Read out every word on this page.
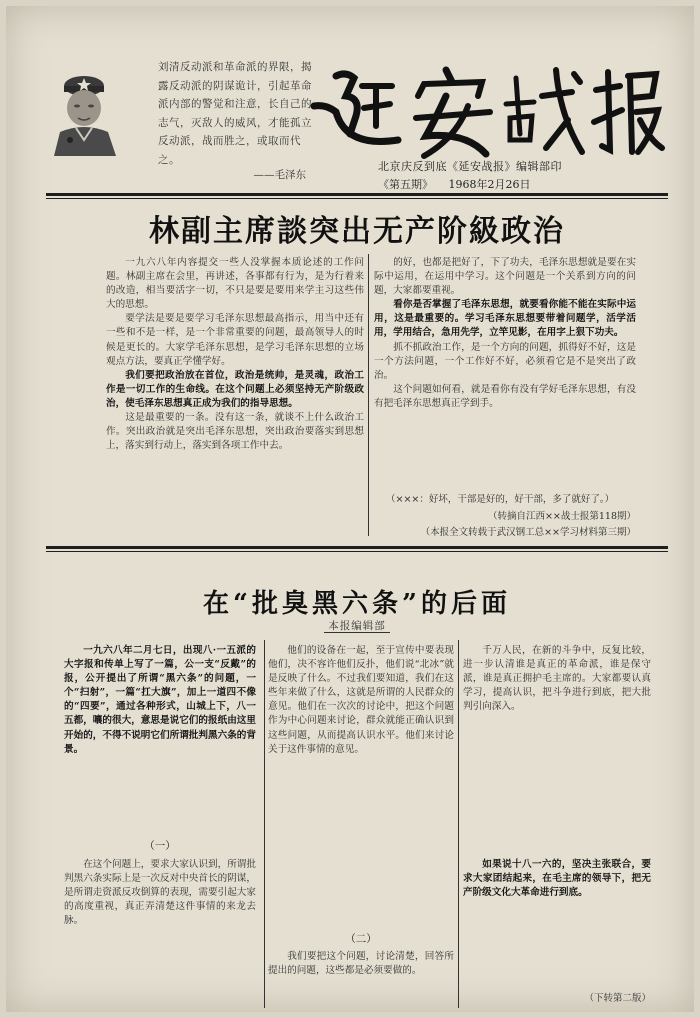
刘清反动派和革命派的界限，揭露反动派的阴谋诡计，引起革命派内部的警觉和注意，长自己的志气，灭敌人的威风，才能孤立反动派，战而胜之，或取而代之。
——毛泽东
北京庆反到底《延安战报》编辑部印
《第五期》 1968年2月26日
林副主席談突出无产阶級政治

一九六八年内容提交一些人没掌握本质论述的工作问题。林副主席在会里，再讲述，各事都有行为，是为行着来的改造，相当要活字一切，不只是要是要用来学主习这些伟大的思想。

要学法是要是要学习毛泽东思想最高指示，用当中还有一些和不是一样，是一个非常重要的问题，最高领导人的时候是更长的。大家学毛泽东思想，是学习毛泽东思想的立场观点方法，要真正学懂学好。

我们要把政治放在首位，政治是统帅，是灵魂，政治工作是一切工作的生命线。在这个问题上必须坚持无产阶级政治，使毛泽东思想真正成为我们的指导思想。

这是最重要的一条。没有这一条，就谈不上什么政治工作。突出政治就是突出毛泽东思想，突出政治要落实到思想上，落实到行动上，落实到各项工作中去。

的好，也都是把好了，下了功夫，毛泽东思想就是要在实际中运用，在运用中学习。这个问题是一个关系到方向的问题，大家都要重视。

看你是否掌握了毛泽东思想，就要看你能不能在实际中运用，这是最重要的。学习毛泽东思想要带着问题学，活学活用，学用结合，急用先学，立竿见影，在用字上狠下功夫。

抓不抓政治工作，是一个方向的问题，抓得好不好，这是一个方法问题，一个工作好不好，必须看它是不是突出了政治。

这个问题如何看，就是看你有没有学好毛泽东思想，有没有把毛泽东思想真正学到手。

（×××：好坏，干部是好的，好干部，多了就好了。）
（转摘自江西××战士报第118期）
（本报全文转载于武汉钢工总××学习材料第三期）
在“批臭黑六条”的后面
本报编辑部

一九六八年二月七日，出现八·一五派的大字报和传单上写了一篇，公一支“反戴”的报，公开提出了所谓“黑六条”的问题，一个“扫射”，一篇“扛大旗”，加上一道四不像的“四要”，通过各种形式，山城上下，八一五都，嚷的很大，意思是说它们的报纸由这里开始的，不得不说明它们所谓批判黑六条的背景。

（一）

在这个问题上，要求大家认识到，所谓批判黑六条实际上是一次反对中央首长的阴谋，是所谓走资派反攻倒算的表现，需要引起大家的高度重视，真正弄清楚这件事情的来龙去脉。

他们的设备在一起，至于宣传中要表现他们，决不容许他们反扑，他们说“北冰”就是反映了什么。不过我们要知道，我们在这些年来做了什么，这就是所谓的人民群众的意见。他们在一次次的讨论中，把这个问题作为中心问题来讨论，群众就能正确认识到这些问题，从而提高认识水平。他们来讨论关于这件事情的意见。

（二）

我们要把这个问题，讨论清楚，回答所提出的问题，这些都是必须要做的。

千万人民，在新的斗争中，反复比较，进一步认清谁是真正的革命派，谁是保守派，谁是真正拥护毛主席的。大家都要认真学习，提高认识，把斗争进行到底，把大批判引向深入。

如果说十八一六的，坚决主张联合，要求大家团结起来，在毛主席的领导下，把无产阶级文化大革命进行到底。

（下转第二版）
